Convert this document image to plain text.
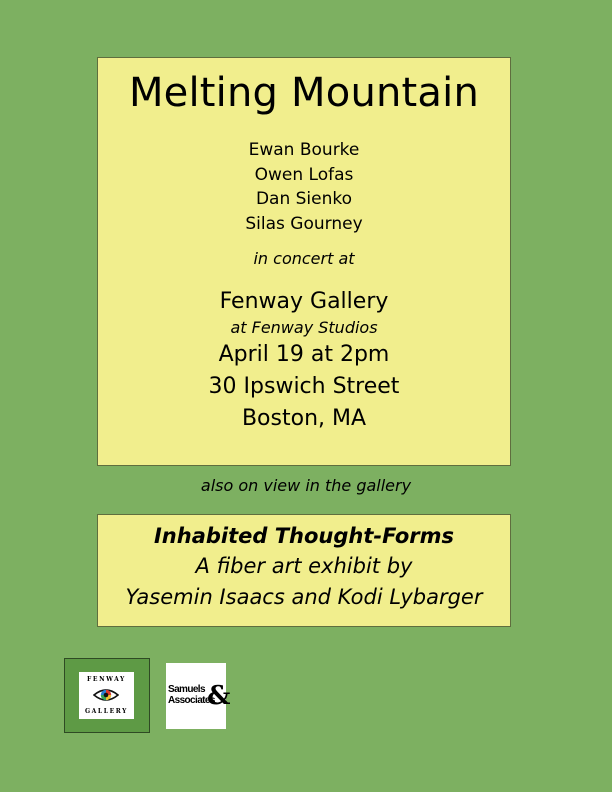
Melting Mountain
Ewan Bourke
Owen Lofas
Dan Sienko
Silas Gourney
in concert at
Fenway Gallery
at Fenway Studios
April 19 at 2pm
30 Ipswich Street
Boston, MA
also on view in the gallery
Inhabited Thought-Forms
A fiber art exhibit by
Yasemin Isaacs and Kodi Lybarger
FENWAY
GALLERY
Samuels
Associates
&
